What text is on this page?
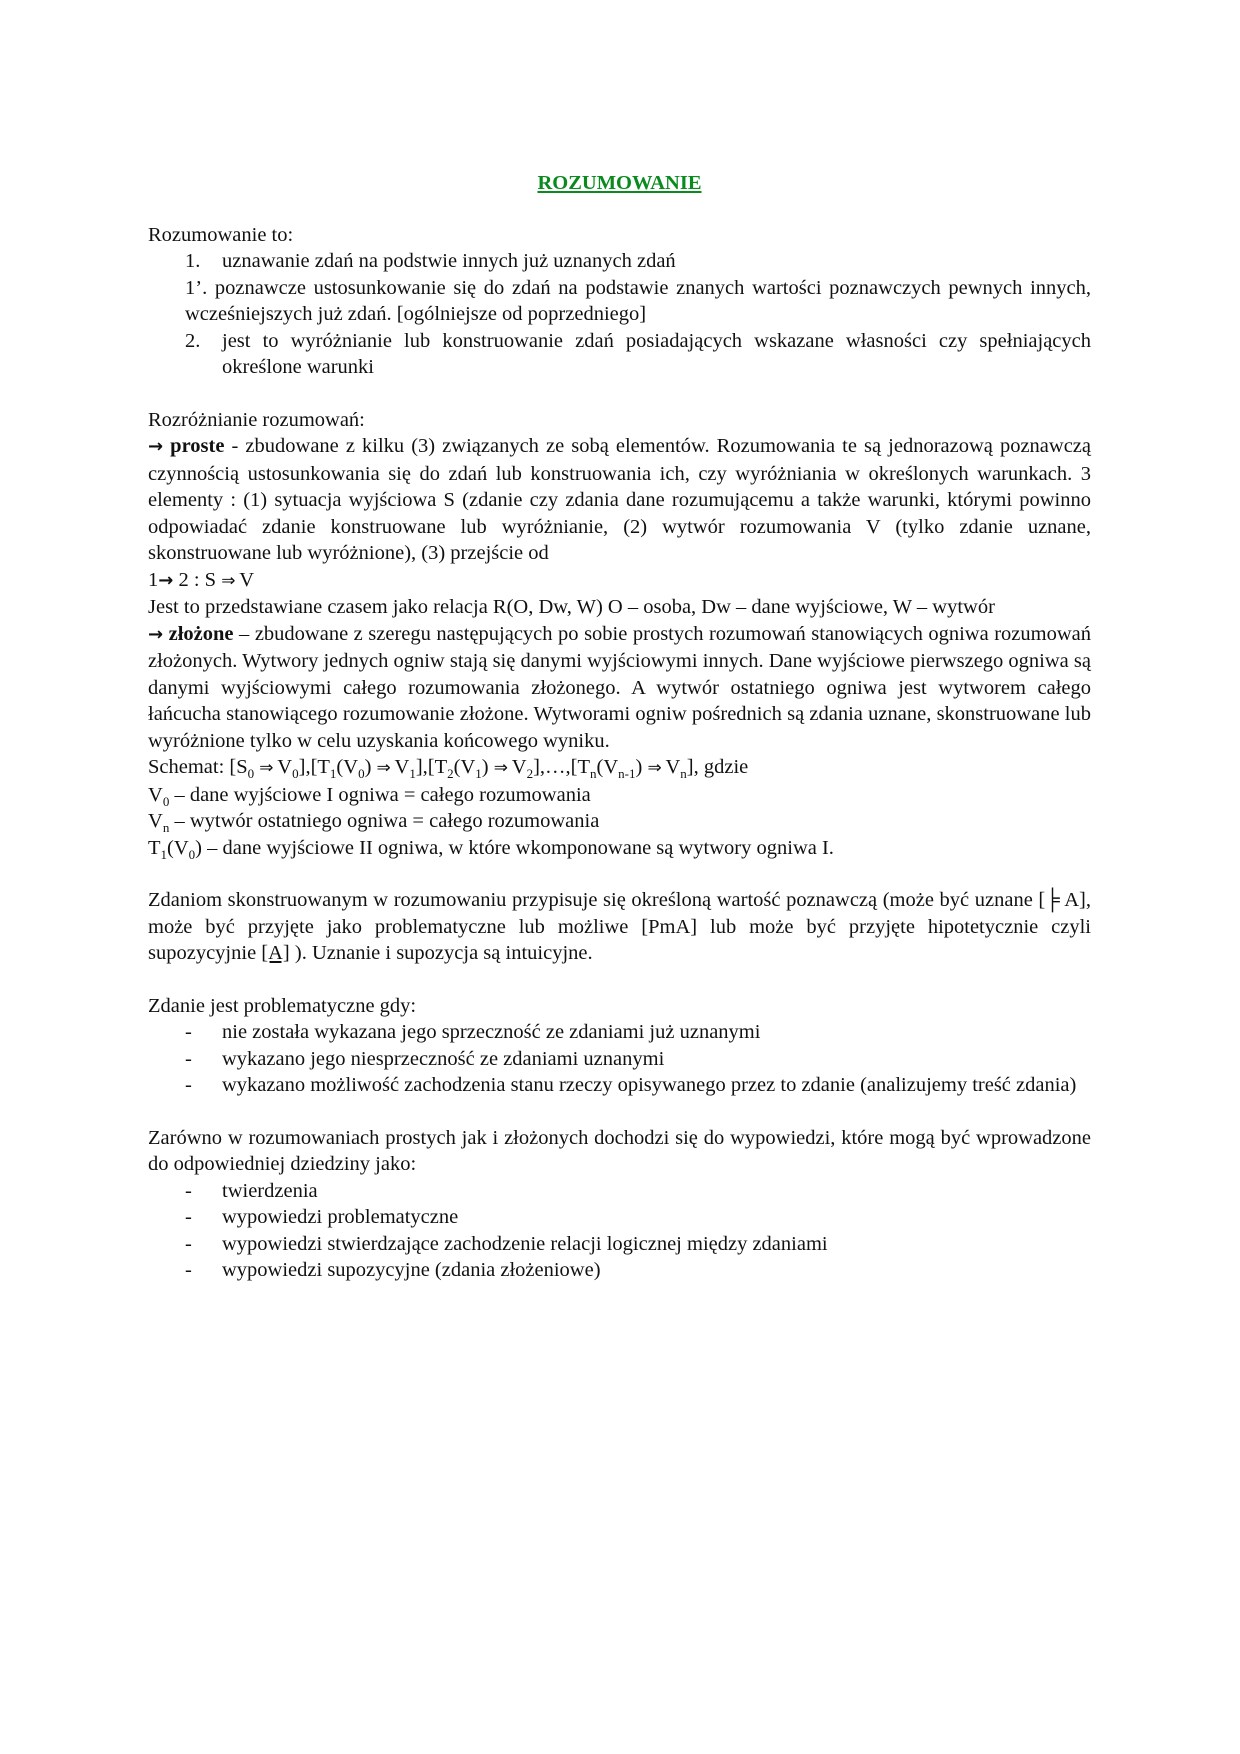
ROZUMOWANIE
Rozumowanie to:
1. uznawanie zdań na podstwie innych już uznanych zdań
1’. poznawcze ustosunkowanie się do zdań na podstawie znanych wartości poznawczych pewnych innych, wcześniejszych już zdań. [ogólniejsze od poprzedniego]
2. jest to wyróżnianie lub konstruowanie zdań posiadających wskazane własności czy spełniających określone warunki
Rozróżnianie rozumowań:
→ proste - zbudowane z kilku (3) związanych ze sobą elementów. Rozumowania te są jednorazową poznawczą czynnością ustosunkowania się do zdań lub konstruowania ich, czy wyróżniania w określonych warunkach. 3 elementy : (1) sytuacja wyjściowa S (zdanie czy zdania dane rozumującemu a także warunki, którymi powinno odpowiadać zdanie konstruowane lub wyróżnianie, (2) wytwór rozumowania V (tylko zdanie uznane, skonstruowane lub wyróżnione), (3) przejście od
1→ 2 : S ⇒ V
Jest to przedstawiane czasem jako relacja R(O, Dw, W) O – osoba, Dw – dane wyjściowe, W – wytwór
→ złożone – zbudowane z szeregu następujących po sobie prostych rozumowań stanowiących ogniwa rozumowań złożonych. Wytwory jednych ogniw stają się danymi wyjściowymi innych. Dane wyjściowe pierwszego ogniwa są danymi wyjściowymi całego rozumowania złożonego. A wytwór ostatniego ogniwa jest wytworem całego łańcucha stanowiącego rozumowanie złożone. Wytworami ogniw pośrednich są zdania uznane, skonstruowane lub wyróżnione tylko w celu uzyskania końcowego wyniku.
Schemat: [$S_0$ ⇒ $V_0],[T_1(V_0)$ ⇒ $V_1],[T_2(V_1)$ ⇒ $V_2],\dots,[T_n(V_{n-1})$ ⇒ $V_n$], gdzie
$V_0$ – dane wyjściowe I ogniwa = całego rozumowania
$V_n$ – wytwór ostatniego ogniwa = całego rozumowania
$T_1(V_0)$ – dane wyjściowe II ogniwa, w które wkomponowane są wytwory ogniwa I.
Zdaniom skonstruowanym w rozumowaniu przypisuje się określoną wartość poznawczą (może być uznane [╞ A], może być przyjęte jako problematyczne lub możliwe [PmA] lub może być przyjęte hipotetycznie czyli supozycyjnie [A] ). Uznanie i supozycja są intuicyjne.
Zdanie jest problematyczne gdy:
- nie została wykazana jego sprzeczność ze zdaniami już uznanymi
- wykazano jego niesprzeczność ze zdaniami uznanymi
- wykazano możliwość zachodzenia stanu rzeczy opisywanego przez to zdanie (analizujemy treść zdania)
Zarówno w rozumowaniach prostych jak i złożonych dochodzi się do wypowiedzi, które mogą być wprowadzone do odpowiedniej dziedziny jako:
- twierdzenia
- wypowiedzi problematyczne
- wypowiedzi stwierdzające zachodzenie relacji logicznej między zdaniami
- wypowiedzi supozycyjne (zdania złożeniowe)
